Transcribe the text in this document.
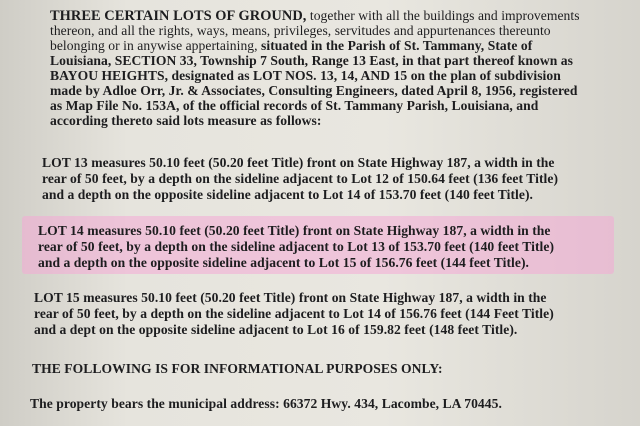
THREE CERTAIN LOTS OF GROUND, together with all the buildings and improvements
thereon, and all the rights, ways, means, privileges, servitudes and appurtenances thereunto
belonging or in anywise appertaining, situated in the Parish of St. Tammany, State of
Louisiana, SECTION 33, Township 7 South, Range 13 East, in that part thereof known as
BAYOU HEIGHTS, designated as LOT NOS. 13, 14, AND 15 on the plan of subdivision
made by Adloe Orr, Jr. & Associates, Consulting Engineers, dated April 8, 1956, registered
as Map File No. 153A, of the official records of St. Tammany Parish, Louisiana, and
according thereto said lots measure as follows:
LOT 13 measures 50.10 feet (50.20 feet Title) front on State Highway 187, a width in the
rear of 50 feet, by a depth on the sideline adjacent to Lot 12 of 150.64 feet (136 feet Title)
and a depth on the opposite sideline adjacent to Lot 14 of 153.70 feet (140 feet Title).
LOT 14 measures 50.10 feet (50.20 feet Title) front on State Highway 187, a width in the
rear of 50 feet, by a depth on the sideline adjacent to Lot 13 of 153.70 feet (140 feet Title)
and a depth on the opposite sideline adjacent to Lot 15 of 156.76 feet (144 feet Title).
LOT 15 measures 50.10 feet (50.20 feet Title) front on State Highway 187, a width in the
rear of 50 feet, by a depth on the sideline adjacent to Lot 14 of 156.76 feet (144 Feet Title)
and a dept on the opposite sideline adjacent to Lot 16 of 159.82 feet (148 feet Title).
THE FOLLOWING IS FOR INFORMATIONAL PURPOSES ONLY:
The property bears the municipal address: 66372 Hwy. 434, Lacombe, LA 70445.
